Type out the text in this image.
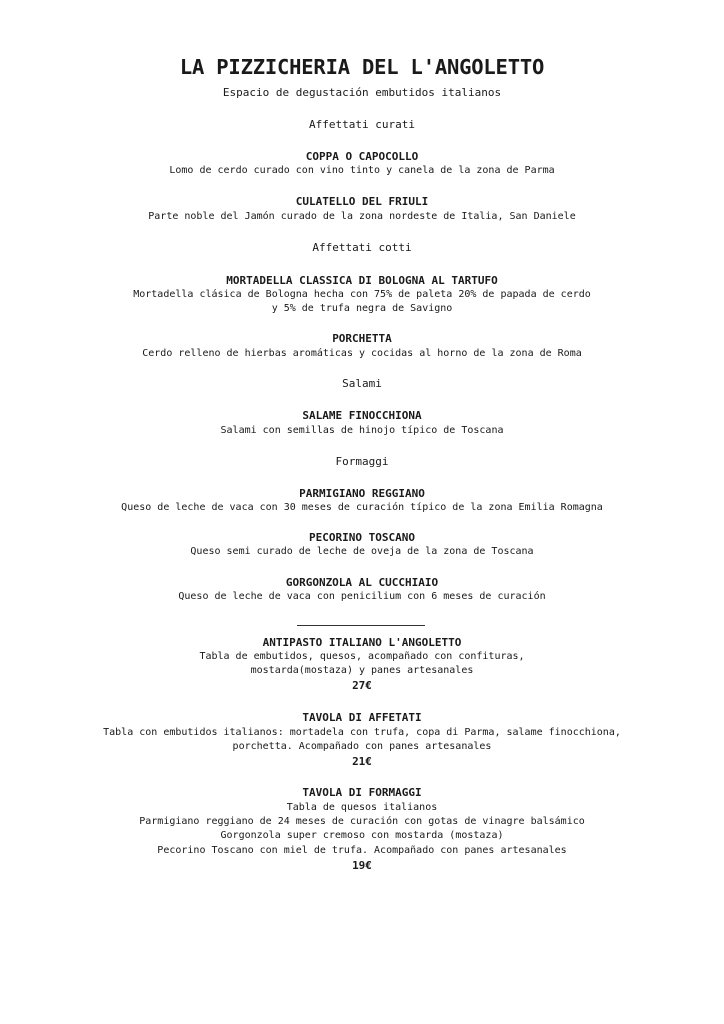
LA PIZZICHERIA DEL L'ANGOLETTO
Espacio de degustación embutidos italianos
Affettati curati
COPPA O CAPOCOLLO
Lomo de cerdo curado con vino tinto y canela de la zona de Parma
CULATELLO DEL FRIULI
Parte noble del Jamón curado de la zona nordeste de Italia, San Daniele
Affettati cotti
MORTADELLA CLASSICA DI BOLOGNA AL TARTUFO
Mortadella clásica de Bologna hecha con 75% de paleta 20% de papada de cerdo
y 5% de trufa negra de Savigno
PORCHETTA
Cerdo relleno de hierbas aromáticas y cocidas al horno de la zona de Roma
Salami
SALAME FINOCCHIONA
Salami con semillas de hinojo típico de Toscana
Formaggi
PARMIGIANO REGGIANO
Queso de leche de vaca con 30 meses de curación típico de la zona Emilia Romagna
PECORINO TOSCANO
Queso semi curado de leche de oveja de la zona de Toscana
GORGONZOLA AL CUCCHIAIO
Queso de leche de vaca con penicilium con 6 meses de curación
ANTIPASTO ITALIANO L'ANGOLETTO
Tabla de embutidos, quesos, acompañado con confituras,
mostarda(mostaza) y panes artesanales
27€
TAVOLA DI AFFETATI
Tabla con embutidos italianos: mortadela con trufa, copa di Parma, salame finocchiona,
porchetta. Acompañado con panes artesanales
21€
TAVOLA DI FORMAGGI
Tabla de quesos italianos
Parmigiano reggiano de 24 meses de curación con gotas de vinagre balsámico
Gorgonzola super cremoso con mostarda (mostaza)
Pecorino Toscano con miel de trufa. Acompañado con panes artesanales
19€
